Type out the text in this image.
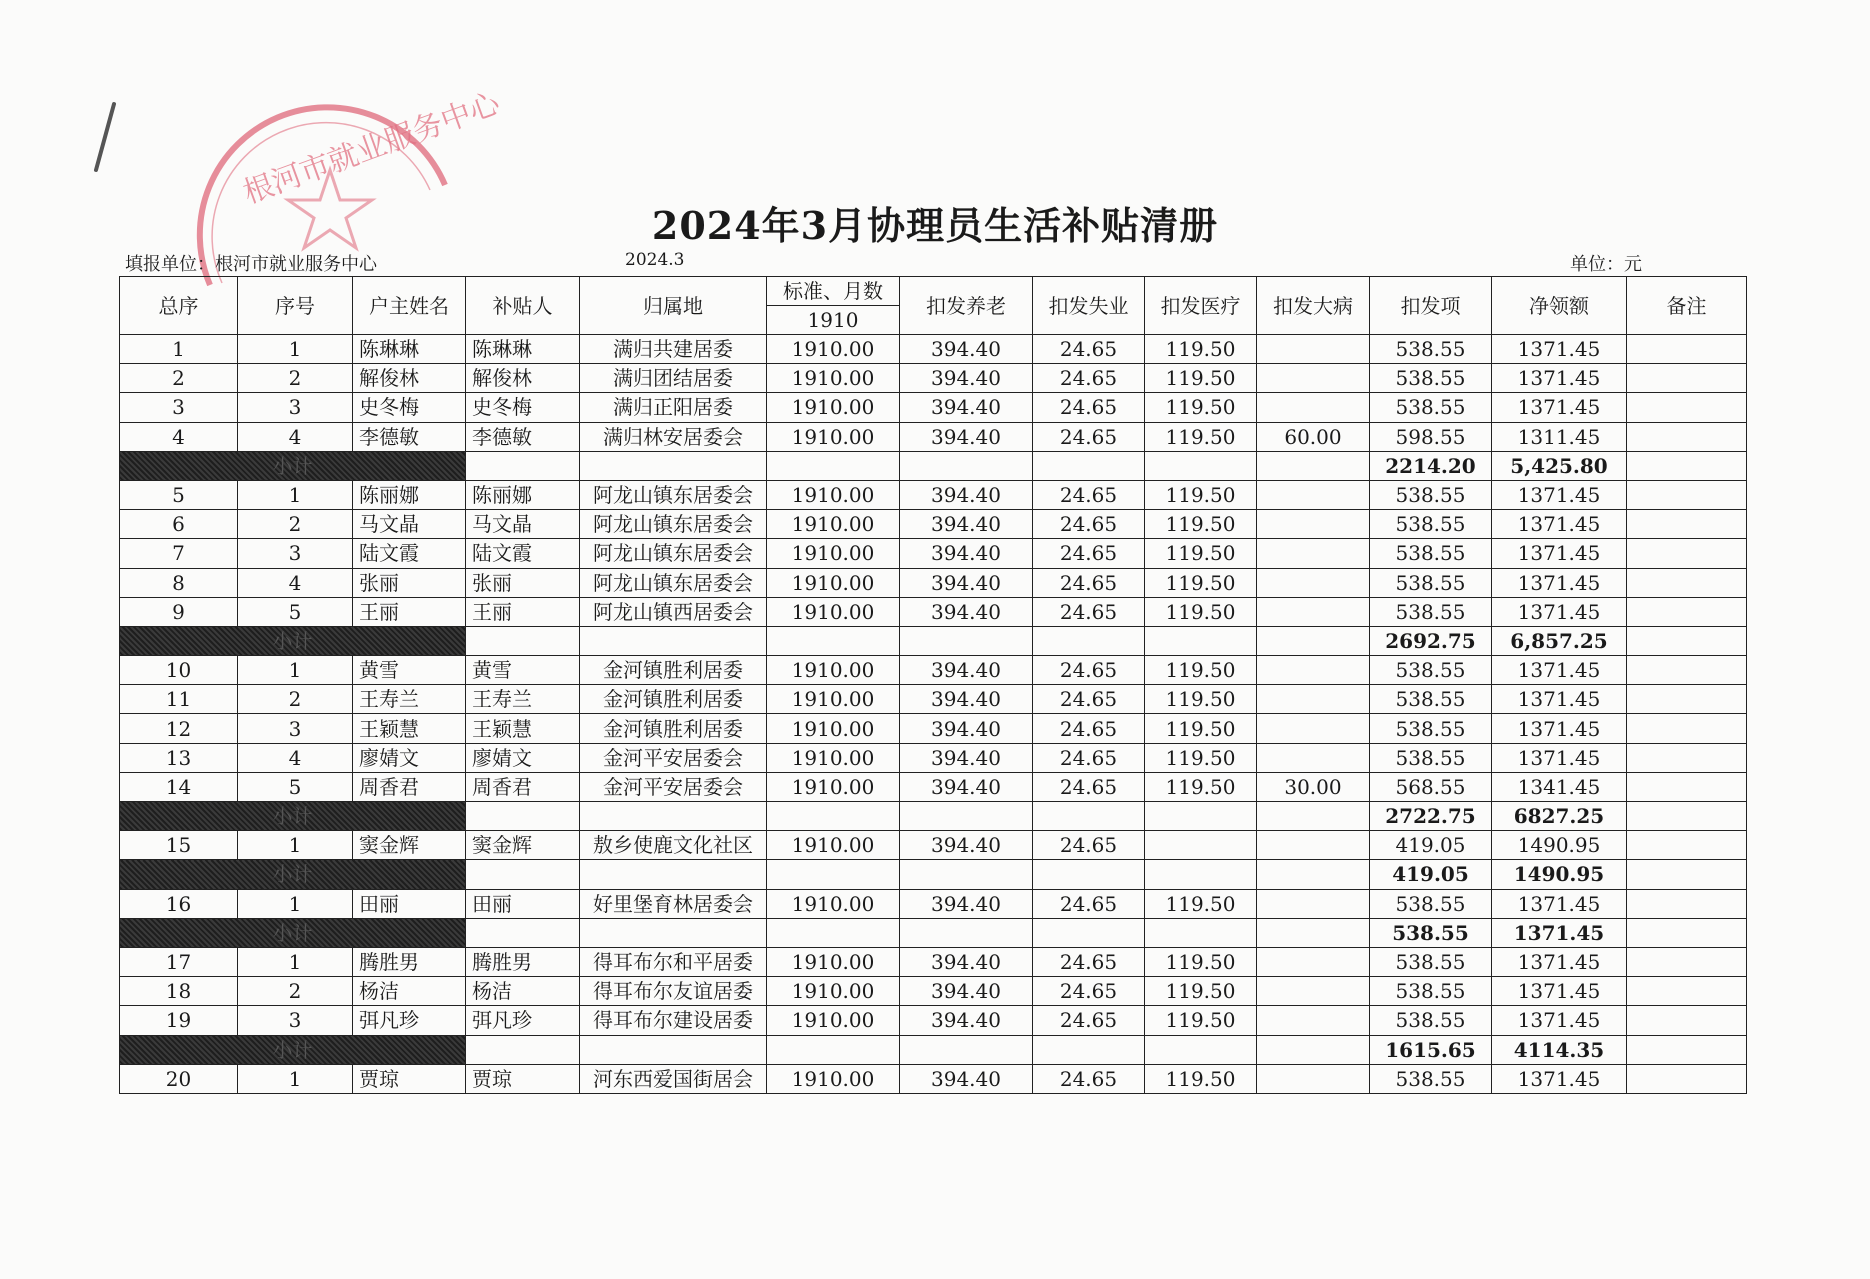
根河市就业服务中心
2024年3月协理员生活补贴清册
填报单位：根河市就业服务中心	2024.3	单位：元
总序	序号	户主姓名	补贴人	归属地	标准、月数	扣发养老	扣发失业	扣发医疗	扣发大病	扣发项	净领额	备注
					1910							
1	1	陈琳琳	陈琳琳	满归共建居委	1910.00	394.40	24.65	119.50		538.55	1371.45	
2	2	解俊林	解俊林	满归团结居委	1910.00	394.40	24.65	119.50		538.55	1371.45	
3	3	史冬梅	史冬梅	满归正阳居委	1910.00	394.40	24.65	119.50		538.55	1371.45	
4	4	李德敏	李德敏	满归林安居委会	1910.00	394.40	24.65	119.50	60.00	598.55	1311.45	
小计										2214.20	5,425.80	
5	1	陈丽娜	陈丽娜	阿龙山镇东居委会	1910.00	394.40	24.65	119.50		538.55	1371.45	
6	2	马文晶	马文晶	阿龙山镇东居委会	1910.00	394.40	24.65	119.50		538.55	1371.45	
7	3	陆文霞	陆文霞	阿龙山镇东居委会	1910.00	394.40	24.65	119.50		538.55	1371.45	
8	4	张丽	张丽	阿龙山镇东居委会	1910.00	394.40	24.65	119.50		538.55	1371.45	
9	5	王丽	王丽	阿龙山镇西居委会	1910.00	394.40	24.65	119.50		538.55	1371.45	
小计										2692.75	6,857.25	
10	1	黄雪	黄雪	金河镇胜利居委	1910.00	394.40	24.65	119.50		538.55	1371.45	
11	2	王寿兰	王寿兰	金河镇胜利居委	1910.00	394.40	24.65	119.50		538.55	1371.45	
12	3	王颖慧	王颖慧	金河镇胜利居委	1910.00	394.40	24.65	119.50		538.55	1371.45	
13	4	廖婧文	廖婧文	金河平安居委会	1910.00	394.40	24.65	119.50		538.55	1371.45	
14	5	周香君	周香君	金河平安居委会	1910.00	394.40	24.65	119.50	30.00	568.55	1341.45	
小计										2722.75	6827.25	
15	1	窦金辉	窦金辉	敖乡使鹿文化社区	1910.00	394.40	24.65			419.05	1490.95	
小计										419.05	1490.95	
16	1	田丽	田丽	好里堡育林居委会	1910.00	394.40	24.65	119.50		538.55	1371.45	
小计										538.55	1371.45	
17	1	腾胜男	腾胜男	得耳布尔和平居委	1910.00	394.40	24.65	119.50		538.55	1371.45	
18	2	杨洁	杨洁	得耳布尔友谊居委	1910.00	394.40	24.65	119.50		538.55	1371.45	
19	3	弭凡珍	弭凡珍	得耳布尔建设居委	1910.00	394.40	24.65	119.50		538.55	1371.45	
小计										1615.65	4114.35	
20	1	贾琼	贾琼	河东西爱国街居会	1910.00	394.40	24.65	119.50		538.55	1371.45	
